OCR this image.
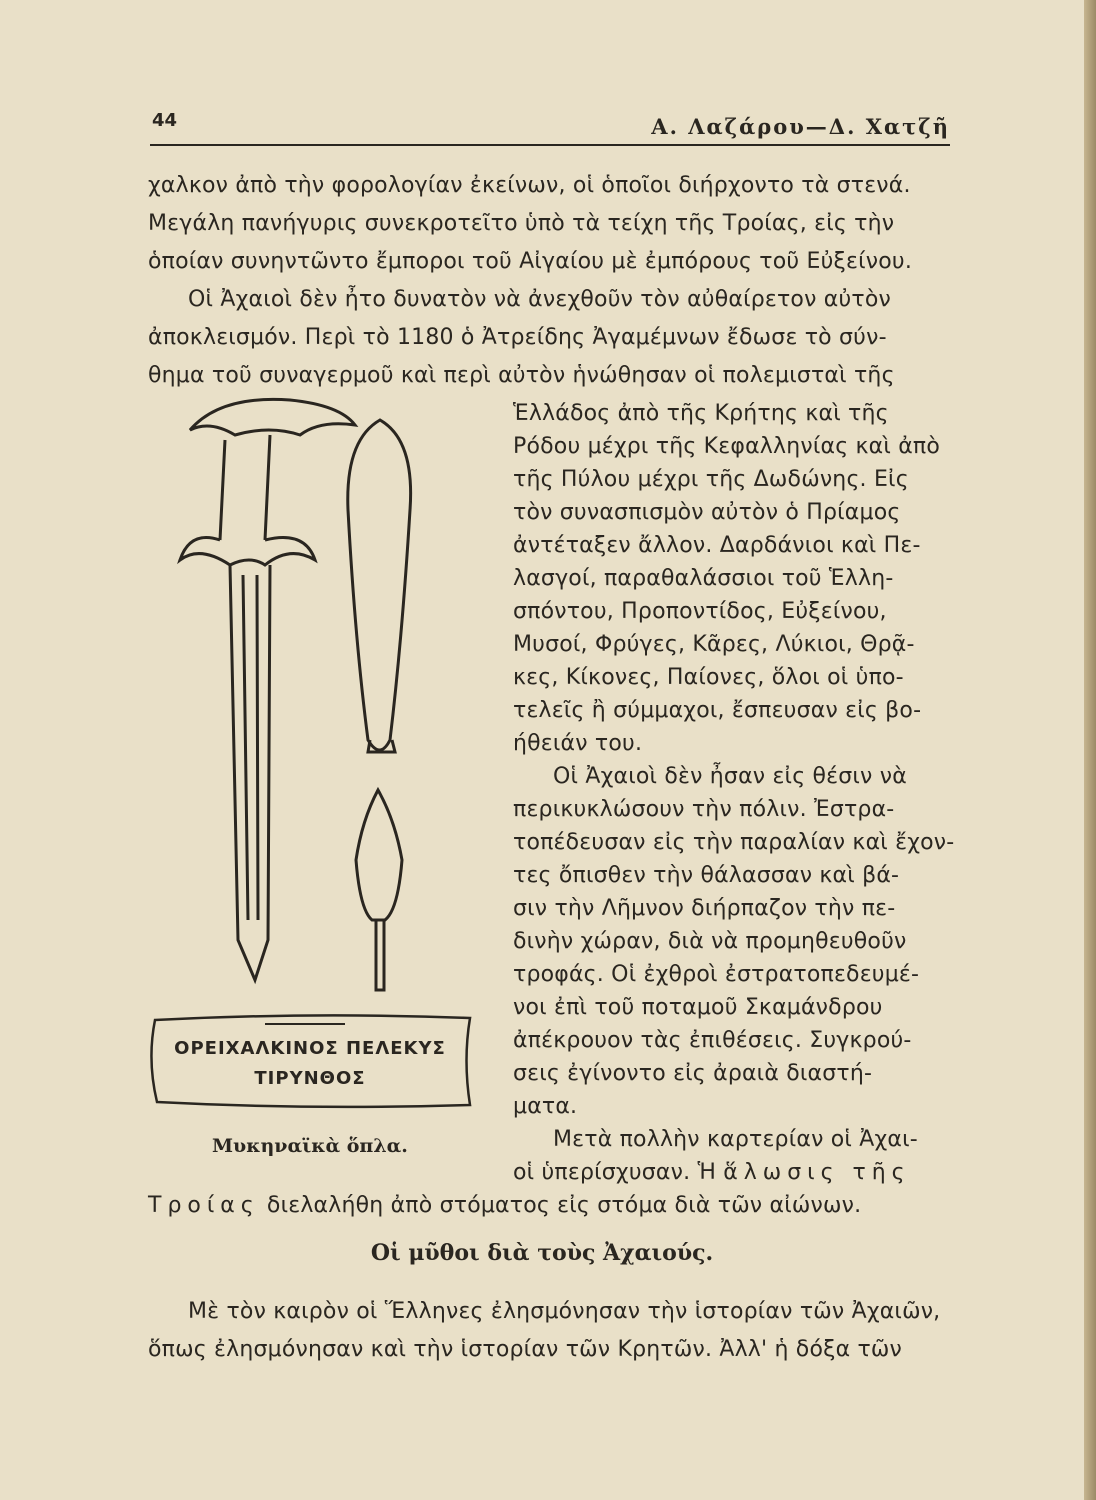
44	Α. Λαζάρου—Δ. Χατζῆ
χαλκον ἀπὸ τὴν φορολογίαν ἐκείνων, οἱ ὁποῖοι διήρχοντο τὰ στενά.
Μεγάλη πανήγυρις συνεκροτεῖτο ὑπὸ τὰ τείχη τῆς Τροίας, εἰς τὴν
ὁποίαν συνηντῶντο ἔμποροι τοῦ Αἰγαίου μὲ ἐμπόρους τοῦ Εὐξείνου.
Οἱ Ἀχαιοὶ δὲν ἦτο δυνατὸν νὰ ἀνεχθοῦν τὸν αὐθαίρετον αὐτὸν
ἀποκλεισμόν. Περὶ τὸ 1180 ὁ Ἀτρείδης Ἀγαμέμνων ἔδωσε τὸ σύν-
θημα τοῦ συναγερμοῦ καὶ περὶ αὐτὸν ἡνώθησαν οἱ πολεμισταὶ τῆς
Ἑλλάδος ἀπὸ τῆς Κρήτης καὶ τῆς
Ρόδου μέχρι τῆς Κεφαλληνίας καὶ ἀπὸ
τῆς Πύλου μέχρι τῆς Δωδώνης. Εἰς
τὸν συνασπισμὸν αὐτὸν ὁ Πρίαμος
ἀντέταξεν ἄλλον. Δαρδάνιοι καὶ Πε-
λασγοί, παραθαλάσσιοι τοῦ Ἑλλη-
σπόντου, Προποντίδος, Εὐξείνου,
Μυσοί, Φρύγες, Κᾶρες, Λύκιοι, Θρᾷ-
κες, Κίκονες, Παίονες, ὅλοι οἱ ὑπο-
τελεῖς ἢ σύμμαχοι, ἔσπευσαν εἰς βο-
ήθειάν του.
Οἱ Ἀχαιοὶ δὲν ἦσαν εἰς θέσιν νὰ
περικυκλώσουν τὴν πόλιν. Ἐστρα-
τοπέδευσαν εἰς τὴν παραλίαν καὶ ἔχον-
τες ὄπισθεν τὴν θάλασσαν καὶ βά-
σιν τὴν Λῆμνον διήρπαζον τὴν πε-
δινὴν χώραν, διὰ νὰ προμηθευθοῦν
τροφάς. Οἱ ἐχθροὶ ἐστρατοπεδευμέ-
νοι ἐπὶ τοῦ ποταμοῦ Σκαμάνδρου
ἀπέκρουον τὰς ἐπιθέσεις. Συγκρού-
σεις ἐγίνοντο εἰς ἀραιὰ διαστή-
ματα.
Μετὰ πολλὴν καρτερίαν οἱ Ἀχαι-
οἱ ὑπερίσχυσαν. Ἡ ἅλωσις τῆς
Τροίας διελαλήθη ἀπὸ στόματος εἰς στόμα διὰ τῶν αἰώνων.
ΟΡΕΙΧΑΛΚΙΝΟΣ ΠΕΛΕΚΥΣ
ΤΙΡΥΝΘΟΣ
Μυκηναϊκὰ ὅπλα.
Οἱ μῦθοι διὰ τοὺς Ἀχαιούς.
Μὲ τὸν καιρὸν οἱ Ἕλληνες ἐλησμόνησαν τὴν ἱστορίαν τῶν Ἀχαιῶν,
ὅπως ἐλησμόνησαν καὶ τὴν ἱστορίαν τῶν Κρητῶν. Ἀλλ' ἡ δόξα τῶν
